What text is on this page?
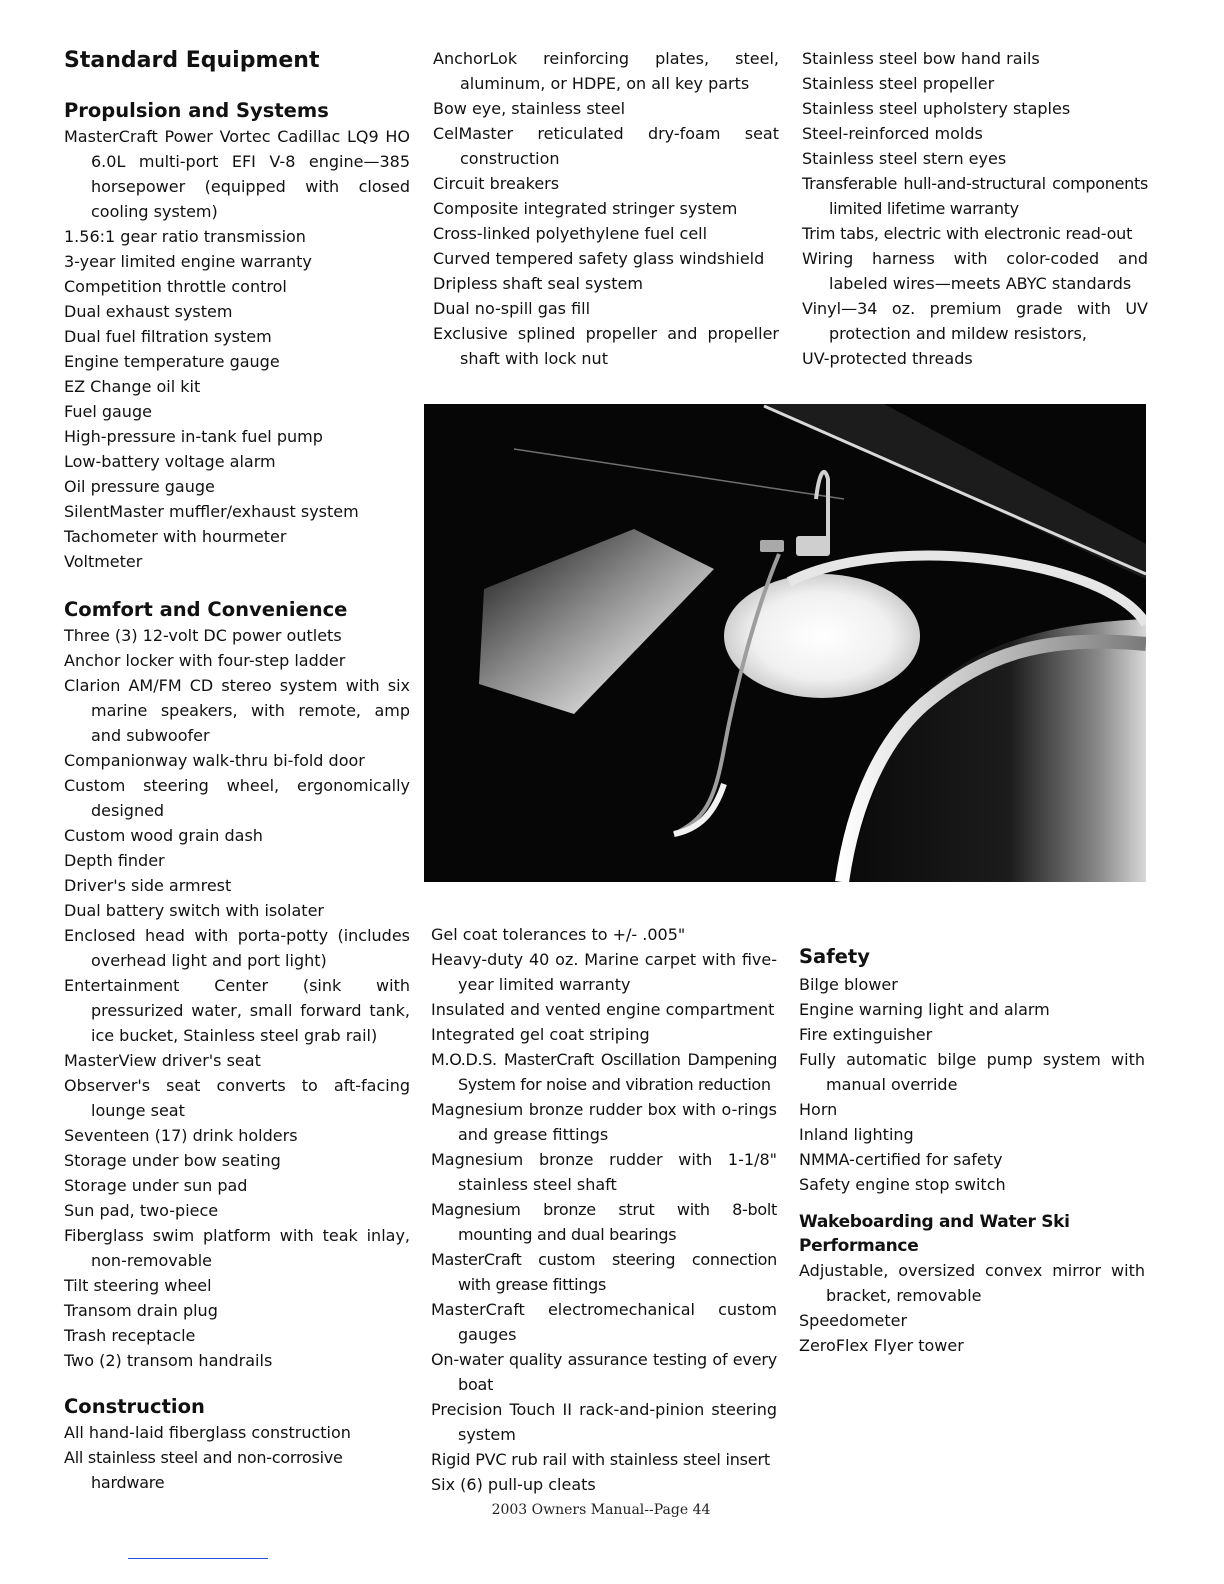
Standard Equipment
Propulsion and Systems
MasterCraft Power Vortec Cadillac LQ9 HO 6.0L multi-port EFI V-8 engine—385 horsepower (equipped with closed cooling system)
1.56:1 gear ratio transmission
3-year limited engine warranty
Competition throttle control
Dual exhaust system
Dual fuel filtration system
Engine temperature gauge
EZ Change oil kit
Fuel gauge
High-pressure in-tank fuel pump
Low-battery voltage alarm
Oil pressure gauge
SilentMaster muffler/exhaust system
Tachometer with hourmeter
Voltmeter
Comfort and Convenience
Three (3) 12-volt DC power outlets
Anchor locker with four-step ladder
Clarion AM/FM CD stereo system with six marine speakers, with remote, amp and subwoofer
Companionway walk-thru bi-fold door
Custom steering wheel, ergonomically designed
Custom wood grain dash
Depth finder
Driver's side armrest
Dual battery switch with isolater
Enclosed head with porta-potty (includes overhead light and port light)
Entertainment Center (sink with pressurized water, small forward tank, ice bucket, Stainless steel grab rail)
MasterView driver's seat
Observer's seat converts to aft-facing lounge seat
Seventeen (17) drink holders
Storage under bow seating
Storage under sun pad
Sun pad, two-piece
Fiberglass swim platform with teak inlay, non-removable
Tilt steering wheel
Transom drain plug
Trash receptacle
Two (2) transom handrails
Construction
All hand-laid fiberglass construction
All stainless steel and non-corrosive hardware
AnchorLok reinforcing plates, steel, aluminum, or HDPE, on all key parts
Bow eye, stainless steel
CelMaster reticulated dry-foam seat construction
Circuit breakers
Composite integrated stringer system
Cross-linked polyethylene fuel cell
Curved tempered safety glass windshield
Dripless shaft seal system
Dual no-spill gas fill
Exclusive splined propeller and propeller shaft with lock nut
Stainless steel bow hand rails
Stainless steel propeller
Stainless steel upholstery staples
Steel-reinforced molds
Stainless steel stern eyes
Transferable hull-and-structural components limited lifetime warranty
Trim tabs, electric with electronic read-out
Wiring harness with color-coded and labeled wires—meets ABYC standards
Vinyl—34 oz. premium grade with UV protection and mildew resistors,
UV-protected threads
Gel coat tolerances to +/- .005"
Heavy-duty 40 oz. Marine carpet with five-year limited warranty
Insulated and vented engine compartment
Integrated gel coat striping
M.O.D.S. MasterCraft Oscillation Dampening System for noise and vibration reduction
Magnesium bronze rudder box with o-rings and grease fittings
Magnesium bronze rudder with 1-1/8" stainless steel shaft
Magnesium bronze strut with 8-bolt mounting and dual bearings
MasterCraft custom steering connection with grease fittings
MasterCraft electromechanical custom gauges
On-water quality assurance testing of every boat
Precision Touch II rack-and-pinion steering system
Rigid PVC rub rail with stainless steel insert
Six (6) pull-up cleats
Safety
Bilge blower
Engine warning light and alarm
Fire extinguisher
Fully automatic bilge pump system with manual override
Horn
Inland lighting
NMMA-certified for safety
Safety engine stop switch
Wakeboarding and Water Ski Performance
Adjustable, oversized convex mirror with bracket, removable
Speedometer
ZeroFlex Flyer tower
2003 Owners Manual--Page 44
